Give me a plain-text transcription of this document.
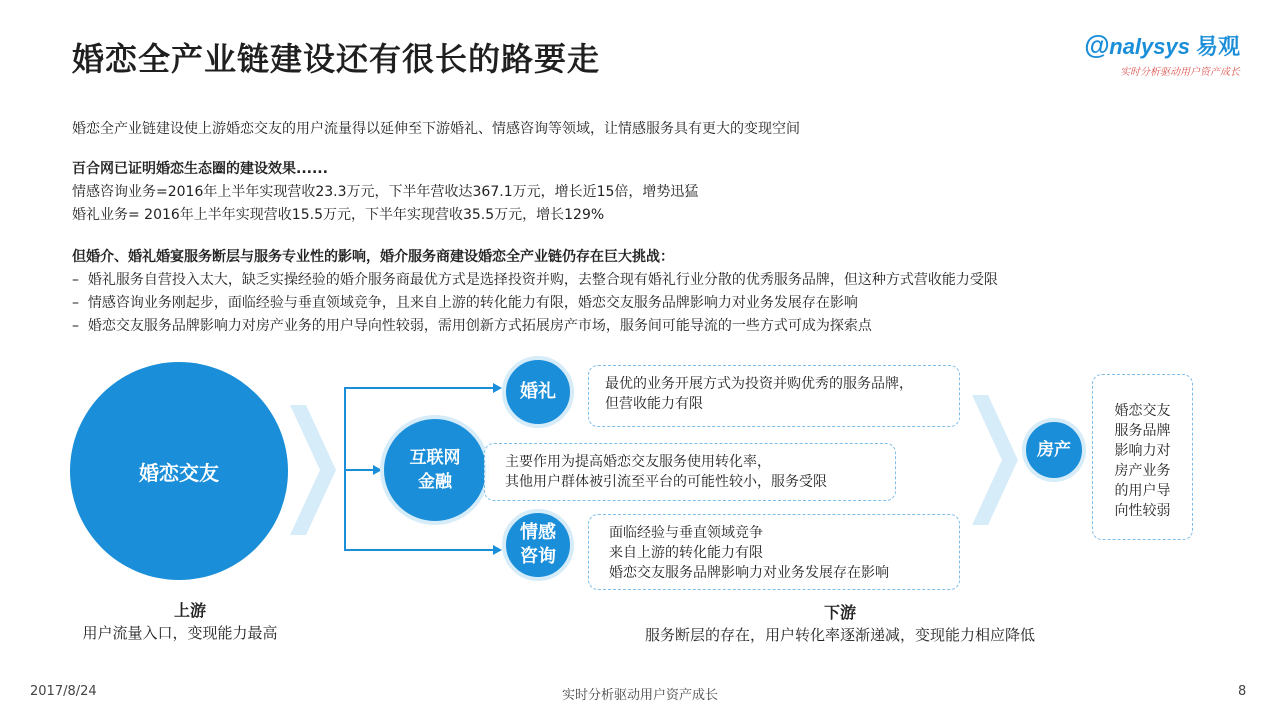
婚恋全产业链建设还有很长的路要走	@nalysys 易观
实时分析驱动用户资产成长
婚恋全产业链建设使上游婚恋交友的用户流量得以延伸至下游婚礼、情感咨询等领域，让情感服务具有更大的变现空间
百合网已证明婚恋生态圈的建设效果......
情感咨询业务=2016年上半年实现营收23.3万元，下半年营收达367.1万元，增长近15倍，增势迅猛
婚礼业务= 2016年上半年实现营收15.5万元，下半年实现营收35.5万元，增长129%
但婚介、婚礼婚宴服务断层与服务专业性的影响，婚介服务商建设婚恋全产业链仍存在巨大挑战：
– 婚礼服务自营投入太大，缺乏实操经验的婚介服务商最优方式是选择投资并购，去整合现有婚礼行业分散的优秀服务品牌，但这种方式营收能力受限
– 情感咨询业务刚起步，面临经验与垂直领域竞争，且来自上游的转化能力有限，婚恋交友服务品牌影响力对业务发展存在影响
– 婚恋交友服务品牌影响力对房产业务的用户导向性较弱，需用创新方式拓展房产市场，服务间可能导流的一些方式可成为探索点
婚恋交友
互联网
金融
婚礼
情感
咨询
房产
最优的业务开展方式为投资并购优秀的服务品牌，
但营收能力有限
主要作用为提高婚恋交友服务使用转化率，
其他用户群体被引流至平台的可能性较小，服务受限
面临经验与垂直领域竞争
来自上游的转化能力有限
婚恋交友服务品牌影响力对业务发展存在影响
婚恋交友
服务品牌
影响力对
房产业务
的用户导
向性较弱
上游
用户流量入口，变现能力最高
下游
服务断层的存在，用户转化率逐渐递减，变现能力相应降低
2017/8/24	实时分析驱动用户资产成长	8
